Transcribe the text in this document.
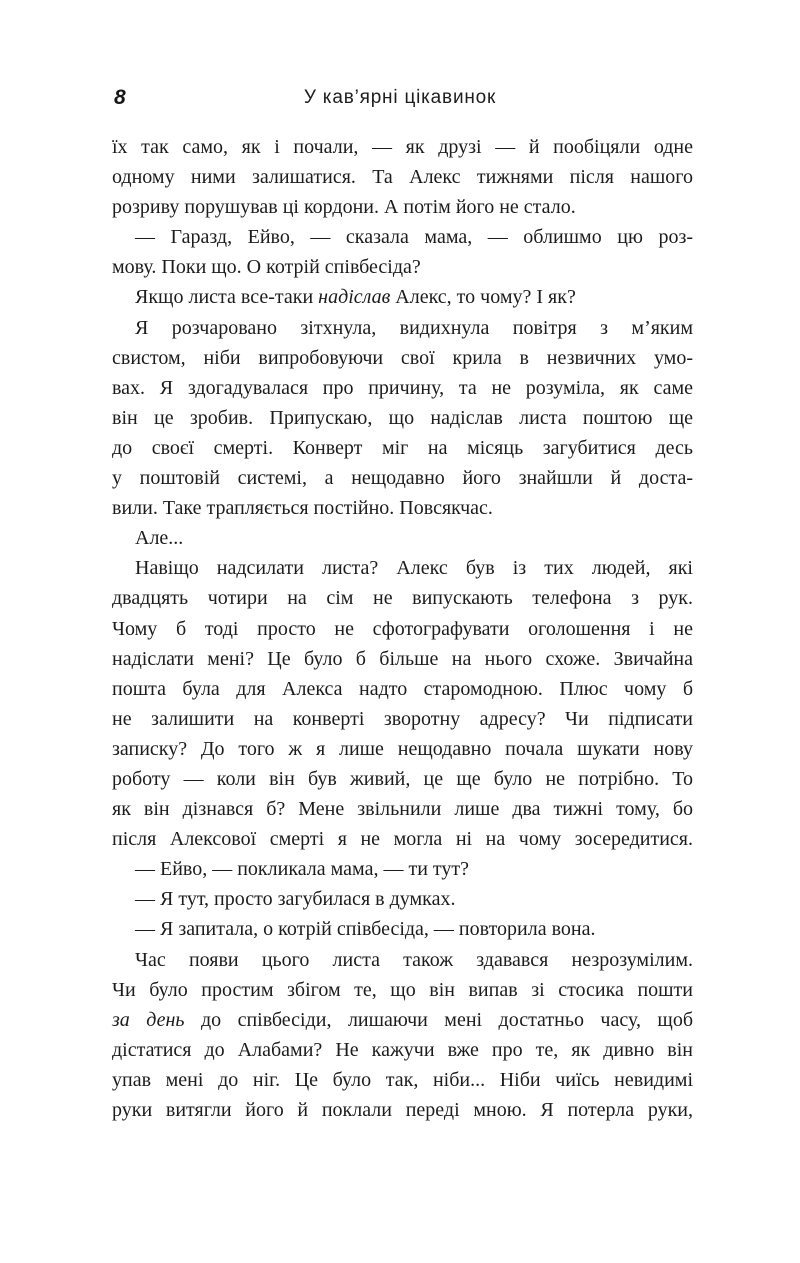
8	У кав’ярні цікавинок
їх так само, як і почали, — як друзі — й пообіцяли одне
одному ними залишатися. Та Алекс тижнями після нашого
розриву порушував ці кордони. А потім його не стало.
— Гаразд, Ейво, — сказала мама, — облишмо цю роз-
мову. Поки що. О котрій співбесіда?
Якщо листа все-таки надіслав Алекс, то чому? І як?
Я розчаровано зітхнула, видихнула повітря з м’яким
свистом, ніби випробовуючи свої крила в незвичних умо-
вах. Я здогадувалася про причину, та не розуміла, як саме
він це зробив. Припускаю, що надіслав листа поштою ще
до своєї смерті. Конверт міг на місяць загубитися десь
у поштовій системі, а нещодавно його знайшли й доста-
вили. Таке трапляється постійно. Повсякчас.
Але...
Навіщо надсилати листа? Алекс був із тих людей, які
двадцять чотири на сім не випускають телефона з рук.
Чому б тоді просто не сфотографувати оголошення і не
надіслати мені? Це було б більше на нього схоже. Звичайна
пошта була для Алекса надто старомодною. Плюс чому б
не залишити на конверті зворотну адресу? Чи підписати
записку? До того ж я лише нещодавно почала шукати нову
роботу — коли він був живий, це ще було не потрібно. То
як він дізнався б? Мене звільнили лише два тижні тому, бо
після Алексової смерті я не могла ні на чому зосередитися.
— Ейво, — покликала мама, — ти тут?
— Я тут, просто загубилася в думках.
— Я запитала, о котрій співбесіда, — повторила вона.
Час появи цього листа також здавався незрозумілим.
Чи було простим збігом те, що він випав зі стосика пошти
за день до співбесіди, лишаючи мені достатньо часу, щоб
дістатися до Алабами? Не кажучи вже про те, як дивно він
упав мені до ніг. Це було так, ніби... Ніби чиїсь невидимі
руки витягли його й поклали переді мною. Я потерла руки,
